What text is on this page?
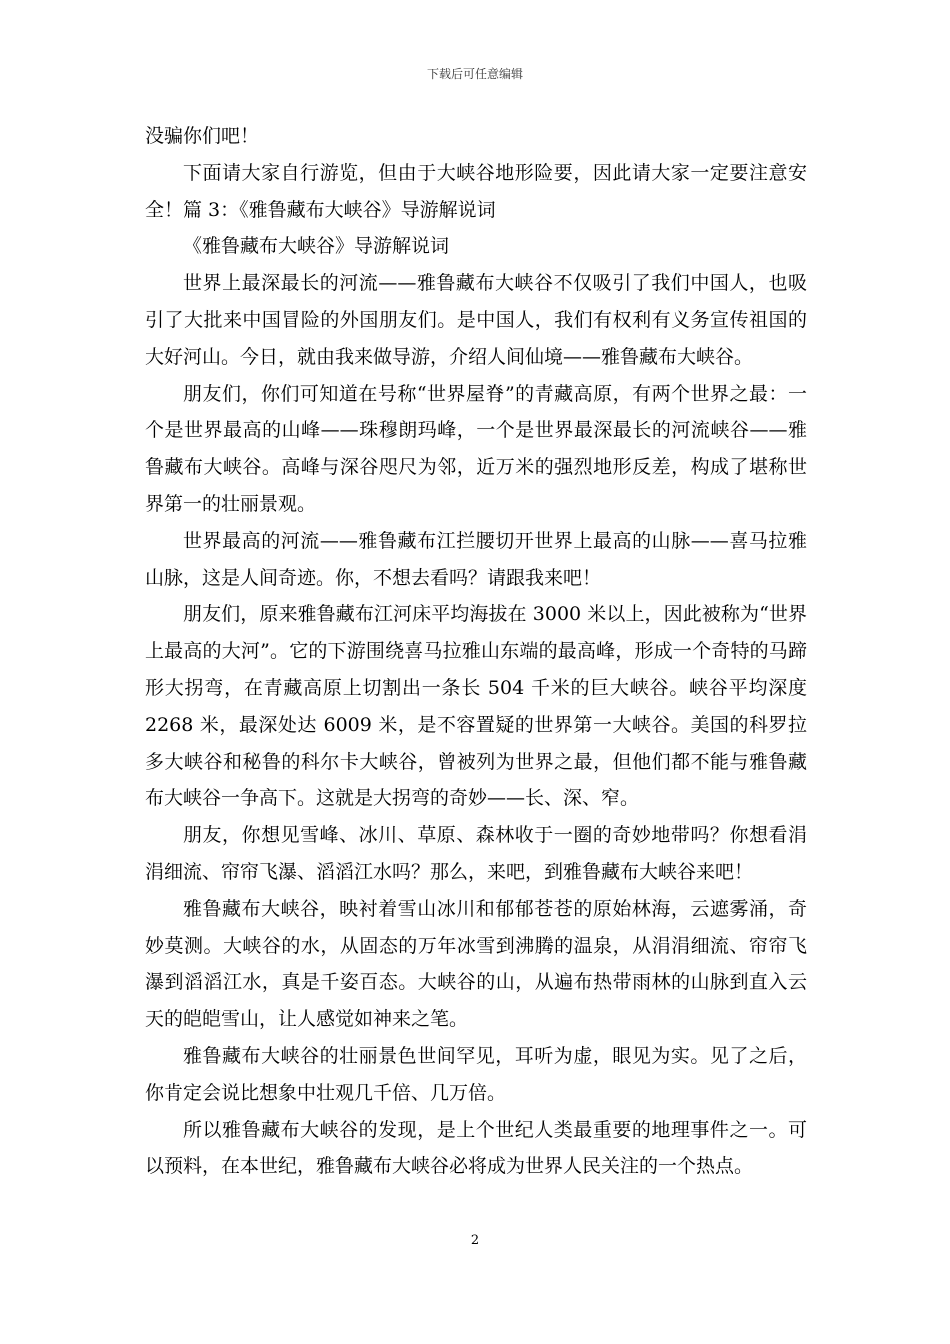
下载后可任意编辑

没骗你们吧！

下面请大家自行游览，但由于大峡谷地形险要，因此请大家一定要注意安全！篇 3：《雅鲁藏布大峡谷》导游解说词

《雅鲁藏布大峡谷》导游解说词

世界上最深最长的河流——雅鲁藏布大峡谷不仅吸引了我们中国人，也吸引了大批来中国冒险的外国朋友们。是中国人，我们有权利有义务宣传祖国的大好河山。今日，就由我来做导游，介绍人间仙境——雅鲁藏布大峡谷。

朋友们，你们可知道在号称“世界屋脊”的青藏高原，有两个世界之最：一个是世界最高的山峰——珠穆朗玛峰，一个是世界最深最长的河流峡谷——雅鲁藏布大峡谷。高峰与深谷咫尺为邻，近万米的强烈地形反差，构成了堪称世界第一的壮丽景观。

世界最高的河流——雅鲁藏布江拦腰切开世界上最高的山脉——喜马拉雅山脉，这是人间奇迹。你，不想去看吗？请跟我来吧！

朋友们，原来雅鲁藏布江河床平均海拔在 3000 米以上，因此被称为“世界上最高的大河”。它的下游围绕喜马拉雅山东端的最高峰，形成一个奇特的马蹄形大拐弯，在青藏高原上切割出一条长 504 千米的巨大峡谷。峡谷平均深度 2268 米，最深处达 6009 米，是不容置疑的世界第一大峡谷。美国的科罗拉多大峡谷和秘鲁的科尔卡大峡谷，曾被列为世界之最，但他们都不能与雅鲁藏布大峡谷一争高下。这就是大拐弯的奇妙——长、深、窄。

朋友，你想见雪峰、冰川、草原、森林收于一圈的奇妙地带吗？你想看涓涓细流、帘帘飞瀑、滔滔江水吗？那么，来吧，到雅鲁藏布大峡谷来吧！

雅鲁藏布大峡谷，映衬着雪山冰川和郁郁苍苍的原始林海，云遮雾涌，奇妙莫测。大峡谷的水，从固态的万年冰雪到沸腾的温泉，从涓涓细流、帘帘飞瀑到滔滔江水，真是千姿百态。大峡谷的山，从遍布热带雨林的山脉到直入云天的皑皑雪山，让人感觉如神来之笔。

雅鲁藏布大峡谷的壮丽景色世间罕见，耳听为虚，眼见为实。见了之后，你肯定会说比想象中壮观几千倍、几万倍。

所以雅鲁藏布大峡谷的发现，是上个世纪人类最重要的地理事件之一。可以预料，在本世纪，雅鲁藏布大峡谷必将成为世界人民关注的一个热点。

2
